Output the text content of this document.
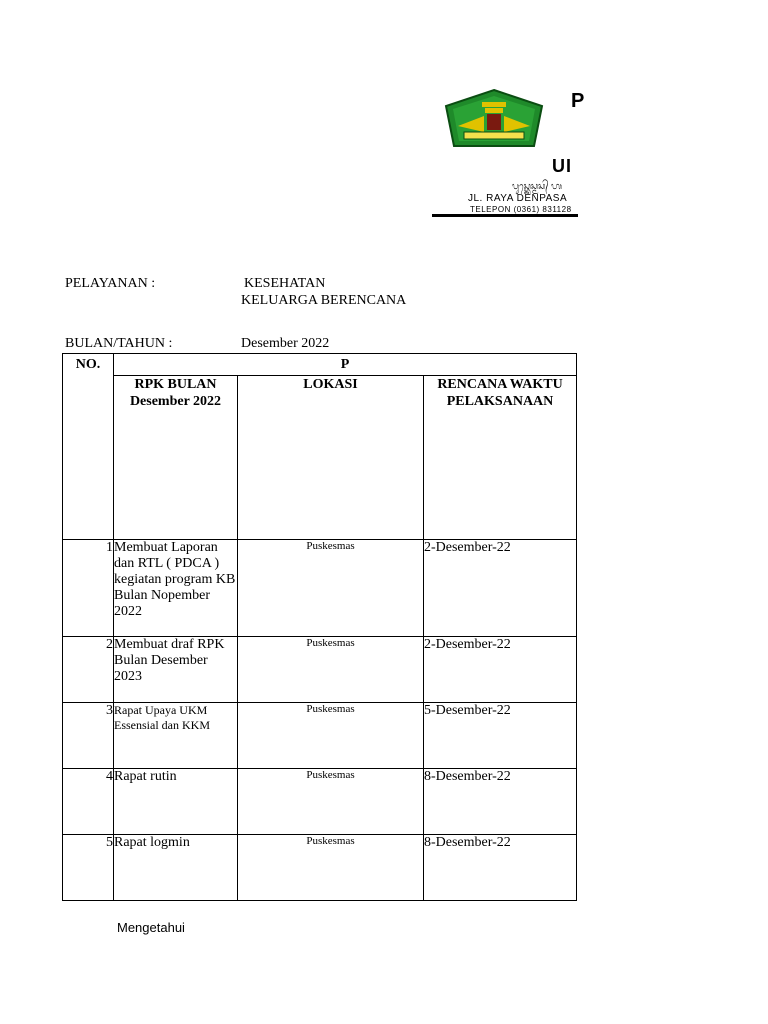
P
UI
ᬧᬸᬲ᭄ᬓᬾᬲ᭄ᬫᬲ᭄ ᬳ
JL. RAYA DENPASA
TELEPON (0361) 831128
PELAYANAN :	KESEHATAN
KELUARGA BERENCANA
BULAN/TAHUN :	Desember 2022
NO.	P		
	RPK BULAN Desember 2022	LOKASI	RENCANA WAKTU PELAKSANAAN
1	Membuat Laporan dan RTL ( PDCA ) kegiatan program KB Bulan Nopember 2022	Puskesmas	2-Desember-22
2	Membuat draf RPK Bulan Desember 2023	Puskesmas	2-Desember-22
3	Rapat Upaya UKM Essensial dan KKM	Puskesmas	5-Desember-22
4	Rapat rutin	Puskesmas	8-Desember-22
5	Rapat logmin	Puskesmas	8-Desember-22
Mengetahui
